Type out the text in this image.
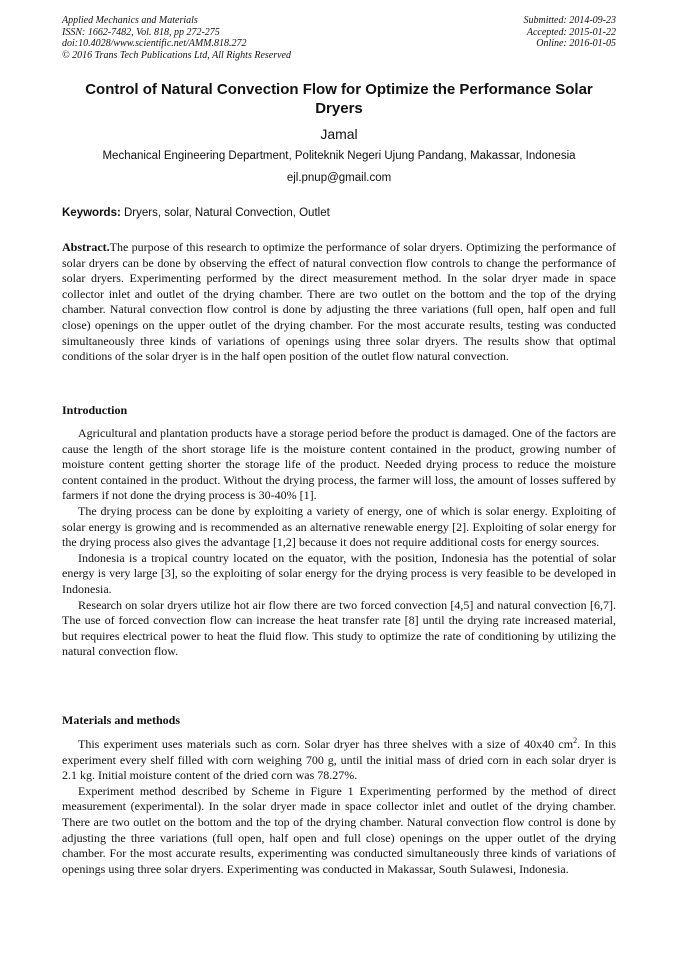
Applied Mechanics and Materials
ISSN: 1662-7482, Vol. 818, pp 272-275
doi:10.4028/www.scientific.net/AMM.818.272
© 2016 Trans Tech Publications Ltd, All Rights Reserved
Submitted: 2014-09-23
Accepted: 2015-01-22
Online: 2016-01-05
Control of Natural Convection Flow for Optimize the Performance Solar Dryers
Jamal
Mechanical Engineering Department, Politeknik Negeri Ujung Pandang, Makassar, Indonesia
ejl.pnup@gmail.com
Keywords: Dryers, solar, Natural Convection, Outlet
Abstract.The purpose of this research to optimize the performance of solar dryers. Optimizing the performance of solar dryers can be done by observing the effect of natural convection flow controls to change the performance of solar dryers. Experimenting performed by the direct measurement method. In the solar dryer made in space collector inlet and outlet of the drying chamber. There are two outlet on the bottom and the top of the drying chamber. Natural convection flow control is done by adjusting the three variations (full open, half open and full close) openings on the upper outlet of the drying chamber. For the most accurate results, testing was conducted simultaneously three kinds of variations of openings using three solar dryers. The results show that optimal conditions of the solar dryer is in the half open position of the outlet flow natural convection.
Introduction

Agricultural and plantation products have a storage period before the product is damaged. One of the factors are cause the length of the short storage life is the moisture content contained in the product, growing number of moisture content getting shorter the storage life of the product. Needed drying process to reduce the moisture content contained in the product. Without the drying process, the farmer will loss, the amount of losses suffered by farmers if not done the drying process is 30-40% [1].

The drying process can be done by exploiting a variety of energy, one of which is solar energy. Exploiting of solar energy is growing and is recommended as an alternative renewable energy [2]. Exploiting of solar energy for the drying process also gives the advantage [1,2] because it does not require additional costs for energy sources.

Indonesia is a tropical country located on the equator, with the position, Indonesia has the potential of solar energy is very large [3], so the exploiting of solar energy for the drying process is very feasible to be developed in Indonesia.

Research on solar dryers utilize hot air flow there are two forced convection [4,5] and natural convection [6,7]. The use of forced convection flow can increase the heat transfer rate [8] until the drying rate increased material, but requires electrical power to heat the fluid flow. This study to optimize the rate of conditioning by utilizing the natural convection flow.

Materials and methods

This experiment uses materials such as corn. Solar dryer has three shelves with a size of 40x40 $cm^2$. In this experiment every shelf filled with corn weighing 700 g, until the initial mass of dried corn in each solar dryer is 2.1 kg. Initial moisture content of the dried corn was 78.27%.

Experiment method described by Scheme in Figure 1 Experimenting performed by the method of direct measurement (experimental). In the solar dryer made in space collector inlet and outlet of the drying chamber. There are two outlet on the bottom and the top of the drying chamber. Natural convection flow control is done by adjusting the three variations (full open, half open and full close) openings on the upper outlet of the drying chamber. For the most accurate results, experimenting was conducted simultaneously three kinds of variations of openings using three solar dryers. Experimenting was conducted in Makassar, South Sulawesi, Indonesia.
